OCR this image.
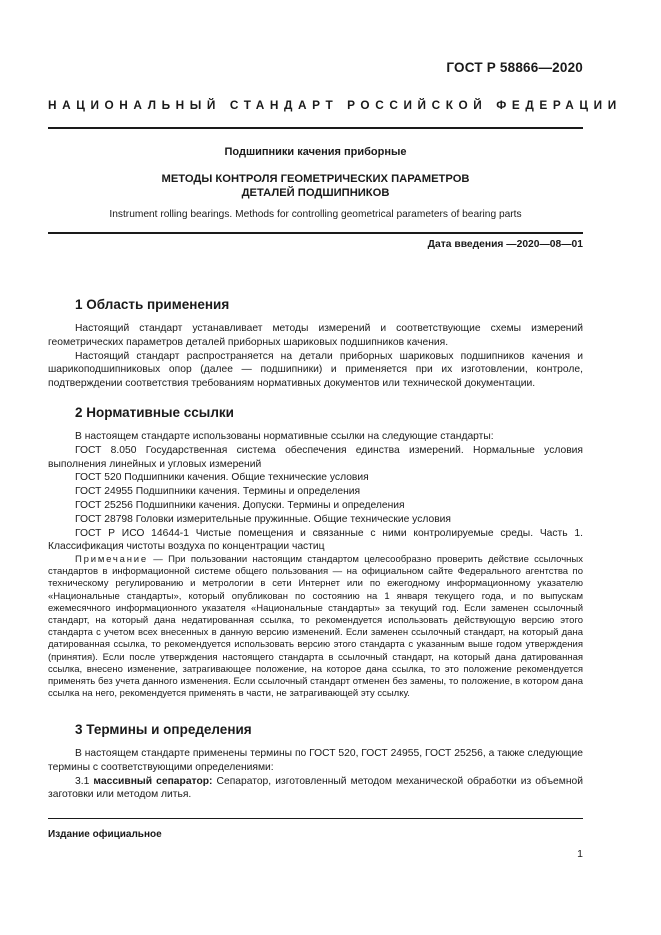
ГОСТ Р 58866—2020
НАЦИОНАЛЬНЫЙ СТАНДАРТ РОССИЙСКОЙ ФЕДЕРАЦИИ
Подшипники качения приборные
МЕТОДЫ КОНТРОЛЯ ГЕОМЕТРИЧЕСКИХ ПАРАМЕТРОВ
ДЕТАЛЕЙ ПОДШИПНИКОВ
Instrument rolling bearings. Methods for controlling geometrical parameters of bearing parts
Дата введения —2020—08—01
1 Область применения

Настоящий стандарт устанавливает методы измерений и соответствующие схемы измерений геометрических параметров деталей приборных шариковых подшипников качения.

Настоящий стандарт распространяется на детали приборных шариковых подшипников качения и шарикоподшипниковых опор (далее — подшипники) и применяется при их изготовлении, контроле, подтверждении соответствия требованиям нормативных документов или технической документации.

2 Нормативные ссылки

В настоящем стандарте использованы нормативные ссылки на следующие стандарты:

ГОСТ 8.050 Государственная система обеспечения единства измерений. Нормальные условия выполнения линейных и угловых измерений

ГОСТ 520 Подшипники качения. Общие технические условия

ГОСТ 24955 Подшипники качения. Термины и определения

ГОСТ 25256 Подшипники качения. Допуски. Термины и определения

ГОСТ 28798 Головки измерительные пружинные. Общие технические условия

ГОСТ Р ИСО 14644-1 Чистые помещения и связанные с ними контролируемые среды. Часть 1. Классификация чистоты воздуха по концентрации частиц

Примечание — При пользовании настоящим стандартом целесообразно проверить действие ссылочных стандартов в информационной системе общего пользования — на официальном сайте Федерального агентства по техническому регулированию и метрологии в сети Интернет или по ежегодному информационному указателю «Национальные стандарты», который опубликован по состоянию на 1 января текущего года, и по выпускам ежемесячного информационного указателя «Национальные стандарты» за текущий год. Если заменен ссылочный стандарт, на который дана недатированная ссылка, то рекомендуется использовать действующую версию этого стандарта с учетом всех внесенных в данную версию изменений. Если заменен ссылочный стандарт, на который дана датированная ссылка, то рекомендуется использовать версию этого стандарта с указанным выше годом утверждения (принятия). Если после утверждения настоящего стандарта в ссылочный стандарт, на который дана датированная ссылка, внесено изменение, затрагивающее положение, на которое дана ссылка, то это положение рекомендуется применять без учета данного изменения. Если ссылочный стандарт отменен без замены, то положение, в котором дана ссылка на него, рекомендуется применять в части, не затрагивающей эту ссылку.

3 Термины и определения

В настоящем стандарте применены термины по ГОСТ 520, ГОСТ 24955, ГОСТ 25256, а также следующие термины с соответствующими определениями:

3.1 массивный сепаратор: Сепаратор, изготовленный методом механической обработки из объемной заготовки или методом литья.

Издание официальное
1
